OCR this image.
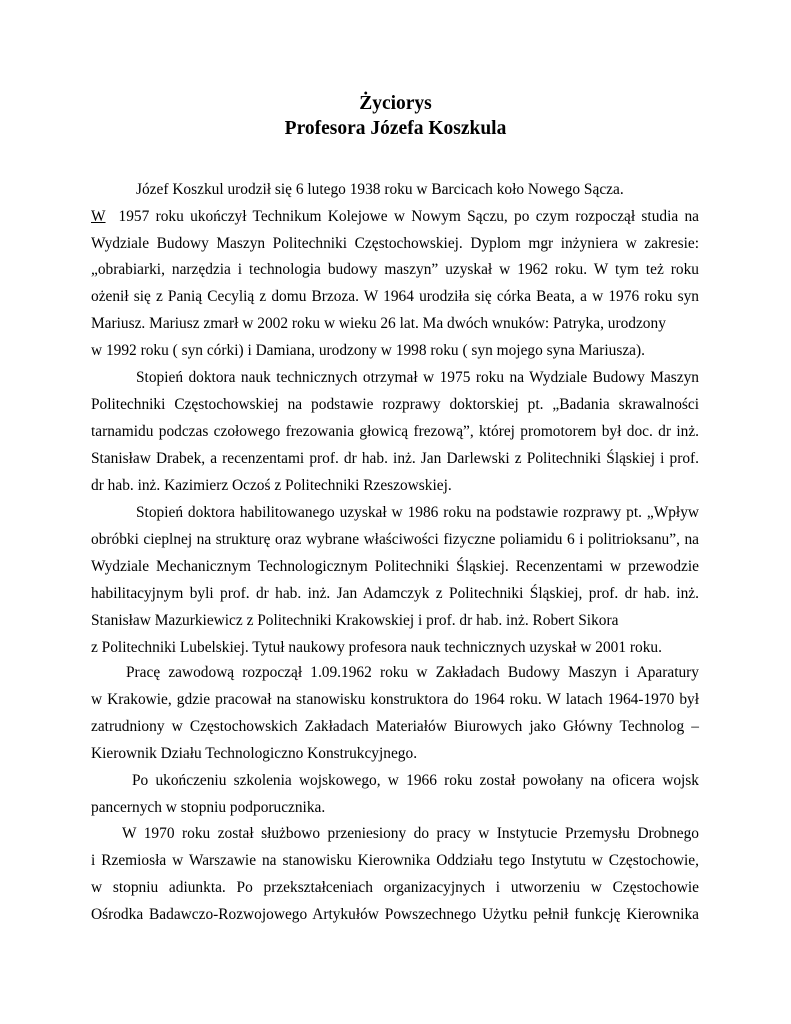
Życiorys
Profesora Józefa Koszkula
Józef Koszkul urodził się 6 lutego 1938 roku w Barcicach koło Nowego Sącza.
W 1957 roku ukończył Technikum Kolejowe w Nowym Sączu, po czym rozpoczął studia na
Wydziale Budowy Maszyn Politechniki Częstochowskiej. Dyplom mgr inżyniera w zakresie:
„obrabiarki, narzędzia i technologia budowy maszyn” uzyskał w 1962 roku. W tym też roku
ożenił się z Panią Cecylią z domu Brzoza. W 1964 urodziła się córka Beata, a w 1976 roku syn
Mariusz. Mariusz zmarł w 2002 roku w wieku 26 lat. Ma dwóch wnuków: Patryka, urodzony
w 1992 roku ( syn córki) i Damiana, urodzony w 1998 roku ( syn mojego syna Mariusza).
Stopień doktora nauk technicznych otrzymał w 1975 roku na Wydziale Budowy Maszyn
Politechniki Częstochowskiej na podstawie rozprawy doktorskiej pt. „Badania skrawalności
tarnamidu podczas czołowego frezowania głowicą frezową”, której promotorem był doc. dr inż.
Stanisław Drabek, a recenzentami prof. dr hab. inż. Jan Darlewski z Politechniki Śląskiej i prof.
dr hab. inż. Kazimierz Oczoś z Politechniki Rzeszowskiej.
Stopień doktora habilitowanego uzyskał w 1986 roku na podstawie rozprawy pt. „Wpływ
obróbki cieplnej na strukturę oraz wybrane właściwości fizyczne poliamidu 6 i politrioksanu”, na
Wydziale Mechanicznym Technologicznym Politechniki Śląskiej. Recenzentami w przewodzie
habilitacyjnym byli prof. dr hab. inż. Jan Adamczyk z Politechniki Śląskiej, prof. dr hab. inż.
Stanisław Mazurkiewicz z Politechniki Krakowskiej i prof. dr hab. inż. Robert Sikora
z Politechniki Lubelskiej. Tytuł naukowy profesora nauk technicznych uzyskał w 2001 roku.
Pracę zawodową rozpoczął 1.09.1962 roku w Zakładach Budowy Maszyn i Aparatury
w Krakowie, gdzie pracował na stanowisku konstruktora do 1964 roku. W latach 1964-1970 był
zatrudniony w Częstochowskich Zakładach Materiałów Biurowych jako Główny Technolog –
Kierownik Działu Technologiczno Konstrukcyjnego.
Po ukończeniu szkolenia wojskowego, w 1966 roku został powołany na oficera wojsk
pancernych w stopniu podporucznika.
W 1970 roku został służbowo przeniesiony do pracy w Instytucie Przemysłu Drobnego
i Rzemiosła w Warszawie na stanowisku Kierownika Oddziału tego Instytutu w Częstochowie,
w stopniu adiunkta. Po przekształceniach organizacyjnych i utworzeniu w Częstochowie
Ośrodka Badawczo-Rozwojowego Artykułów Powszechnego Użytku pełnił funkcję Kierownika
